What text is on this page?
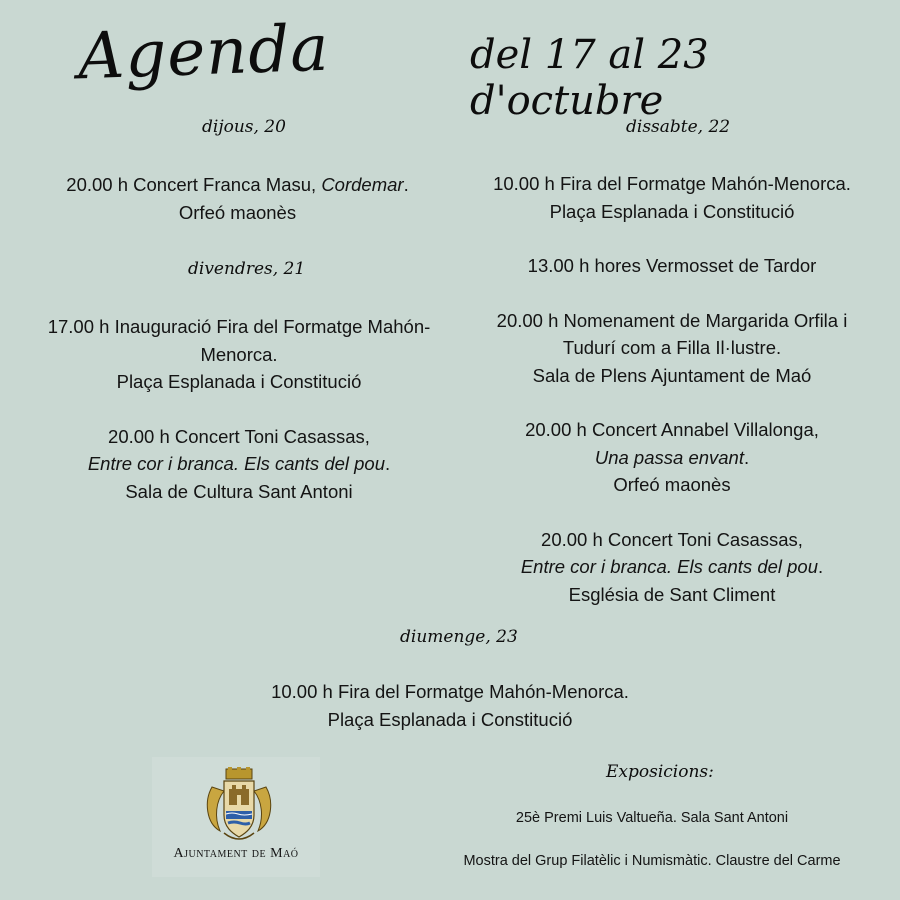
Agenda	del 17 al 23 d'octubre
dijous, 20
20.00 h Concert Franca Masu, Cordemar.
Orfeó maonès
divendres, 21
17.00 h Inauguració Fira del Formatge Mahón-
Menorca.
Plaça Esplanada i Constitució
20.00 h Concert Toni Casassas,
Entre cor i branca. Els cants del pou.
Sala de Cultura Sant Antoni
dissabte, 22
10.00 h Fira del Formatge Mahón-Menorca.
Plaça Esplanada i Constitució
13.00 h hores Vermosset de Tardor
20.00 h Nomenament de Margarida Orfila i
Tudurí com a Filla Il·lustre.
Sala de Plens Ajuntament de Maó
20.00 h Concert Annabel Villalonga,
Una passa envant.
Orfeó maonès
20.00 h Concert Toni Casassas,
Entre cor i branca. Els cants del pou.
Església de Sant Climent
diumenge, 23
10.00 h Fira del Formatge Mahón-Menorca.
Plaça Esplanada i Constitució
Ajuntament de Maó
Exposicions:
25è Premi Luis Valtueña. Sala Sant Antoni
Mostra del Grup Filatèlic i Numismàtic. Claustre del Carme
